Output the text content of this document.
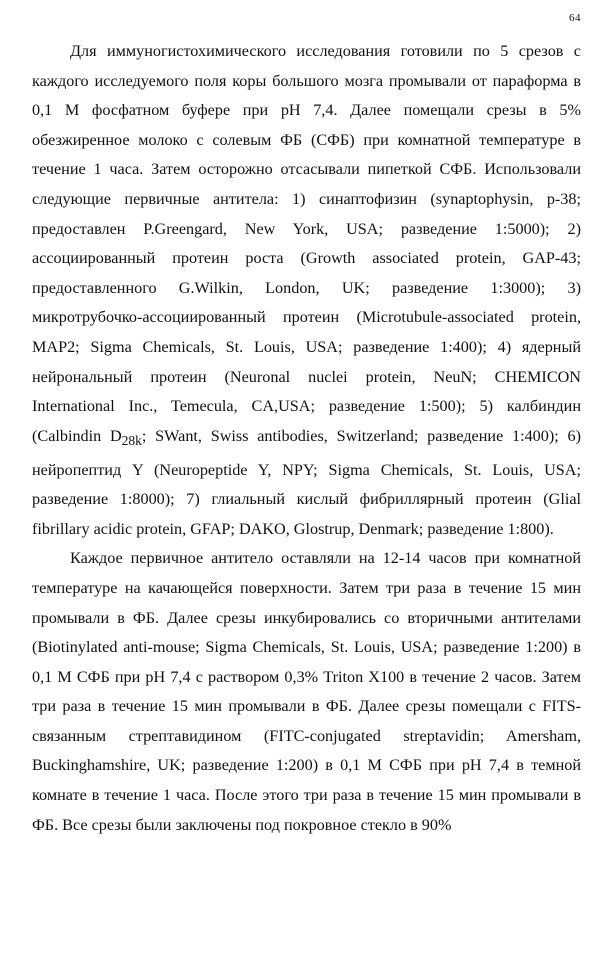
64

Для иммуногистохимического исследования готовили по 5 срезов с каждого исследуемого поля коры большого мозга промывали от параформа в 0,1 М фосфатном буфере при pH 7,4. Далее помещали срезы в 5% обезжиренное молоко с солевым ФБ (СФБ) при комнатной температуре в течение 1 часа. Затем осторожно отсасывали пипеткой СФБ. Использовали следующие первичные антитела: 1) синаптофизин (synaptophysin, p-38; предоставлен P.Greengard, New York, USA; разведение 1:5000); 2) ассоциированный протеин роста (Growth associated protein, GAP-43; предоставленного G.Wilkin, London, UK; разведение 1:3000); 3) микротрубочко-ассоциированный протеин (Microtubule-associated protein, MAP2; Sigma Chemicals, St. Louis, USA; разведение 1:400); 4) ядерный нейрональный протеин (Neuronal nuclei protein, NeuN; CHEMICON International Inc., Temecula, CA,USA; разведение 1:500); 5) калбиндин (Calbindin $D_{28k}$; SWant, Swiss antibodies, Switzerland; разведение 1:400); 6) нейропептид Y (Neuropeptide Y, NPY; Sigma Chemicals, St. Louis, USA; разведение 1:8000); 7) глиальный кислый фибриллярный протеин (Glial fibrillary acidic protein, GFAP; DAKO, Glostrup, Denmark; разведение 1:800).

Каждое первичное антитело оставляли на 12-14 часов при комнатной температуре на качающейся поверхности. Затем три раза в течение 15 мин промывали в ФБ. Далее срезы инкубировались со вторичными антителами (Biotinylated anti-mouse; Sigma Chemicals, St. Louis, USA; разведение 1:200) в 0,1 М СФБ при pH 7,4 с раствором 0,3% Triton X100 в течение 2 часов. Затем три раза в течение 15 мин промывали в ФБ. Далее срезы помещали с FITS-связанным стрептавидином (FITC-conjugated streptavidin; Amersham, Buckinghamshire, UK; разведение 1:200) в 0,1 М СФБ при pH 7,4 в темной комнате в течение 1 часа. После этого три раза в течение 15 мин промывали в ФБ. Все срезы были заключены под покровное стекло в 90%
